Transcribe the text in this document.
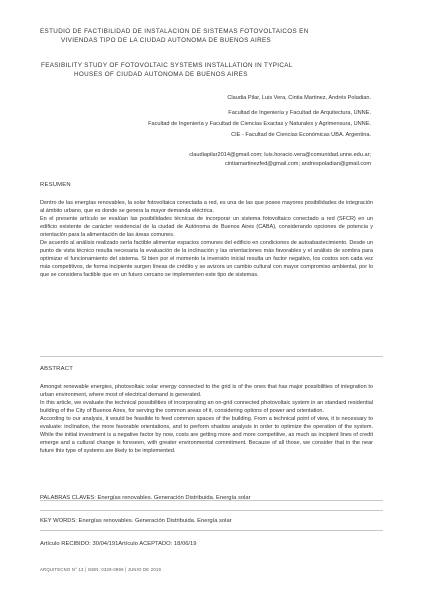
ESTUDIO DE FACTIBILIDAD DE INSTALACION DE SISTEMAS FOTOVOLTAICOS EN
VIVIENDAS TIPO DE LA CIUDAD AUTONOMA DE BUENOS AIRES
FEASIBILITY STUDY OF FOTOVOLTAIC SYSTEMS INSTALLATION IN TYPICAL
HOUSES OF CIUDAD AUTONOMA DE BUENOS AIRES
Claudia Pilar, Luis Vera, Cintia Martinez, Andrés Poladian.
Facultad de Ingeniería y Facultad de Arquitectura, UNNE.
Facultad de Ingeniería y Facultad de Ciencias Exactas y Naturales y Agrimensura, UNNE.
CIE - Facultad de Ciencias Económicas UBA. Argentina.
claudiapilar2014@gmail.com; luis.horacio.vera@comunidad.unne.edu.ar;
cintiamartinezfed@gmail.com; andrespoladian@gmail.com
RESUMEN

Dentro de las energías renovables, la solar fotovoltaica conectada a red, es una de las que posee mayores posibilidades de integración al ámbito urbano, que es donde se genera la mayor demanda eléctrica.

En el presente artículo se evalúan las posibilidades técnicas de incorporar un sistema fotovoltaico conectado a red (SFCR) en un edificio existente de carácter residencial de la ciudad de Autónoma de Buenos Aires (CABA), considerando opciones de potencia y orientación para la alimentación de las áreas comunes.

De acuerdo al análisis realizado sería factible alimentar espacios comunes del edificio en condiciones de autoabastecimiento. Desde un punto de vista técnico resulta necesaria la evaluación de la inclinación y las orientaciones más favorables y el análisis de sombra para optimizar el funcionamiento del sistema. Si bien por el momento la inversión inicial resulta un factor negativo, los costos son cada vez más competitivos, de forma incipiente surgen líneas de crédito y se avizora un cambio cultural con mayor compromiso ambiental, por lo que se considera factible que en un futuro cercano se implementen este tipo de sistemas.

ABSTRACT

Amongst renewable energies, photovoltaic solar energy connected to the grid is of the ones that has major possibilities of integration to urban environment, where most of electrical demand is generated.

In this article, we evaluate the technical possibilities of incorporating an on-grid connected photovoltaic system in an standard residential building of the City of Buenos Aires, for serving the common areas of it, considering options of power and orientation.

According to our analysis, it would be feasible to feed common spaces of the building. From a technical point of view, it is necessary to evaluate: inclination, the more favorable orientations, and to perform shadow analysis in order to optimize the operation of the system. While the initial investment is a negative factor by now, costs are getting more and more competitive, as much as incipient lines of credit emerge and a cultural change is foreseen, with greater environmental commitment. Because of all those, we consider that in the near future this type of systems are likely to be implemented.

PALABRAS CLAVES: Energías renovables. Generación Distribuida. Energía solar
KEY WORDS: Energías renovables. Generación Distribuida. Energía solar
Artículo RECIBIDO: 30/04/191Artículo ACEPTADO: 18/06/19
ARQUITECNO N° 13 | ISBN: 0328-0896 | JUNIO DE 2019
